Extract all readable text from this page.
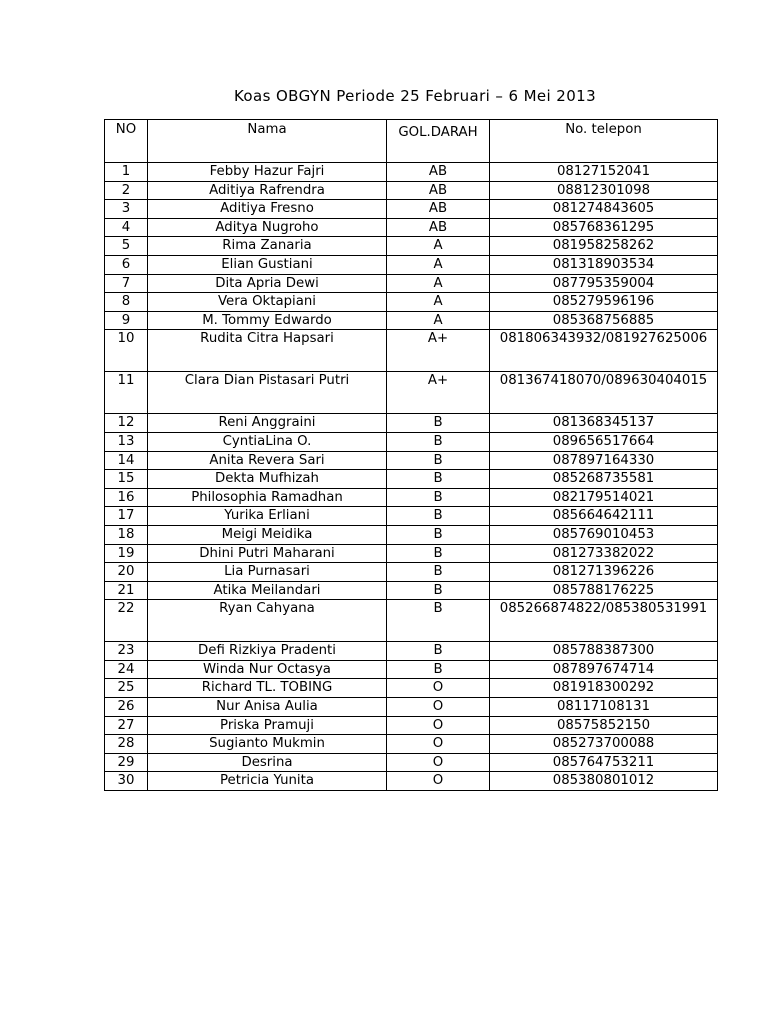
Koas OBGYN Periode 25 Februari – 6 Mei 2013
NO	Nama	GOL.DARAH	No. telepon
1	Febby Hazur Fajri	AB	08127152041
2	Aditiya Rafrendra	AB	08812301098
3	Aditiya Fresno	AB	081274843605
4	Aditya Nugroho	AB	085768361295
5	Rima Zanaria	A	081958258262
6	Elian Gustiani	A	081318903534
7	Dita Apria Dewi	A	087795359004
8	Vera Oktapiani	A	085279596196
9	M. Tommy Edwardo	A	085368756885
10	Rudita Citra Hapsari	A+	081806343932/081927625006

11	Clara Dian Pistasari Putri	A+	081367418070/089630404015

12	Reni Anggraini	B	081368345137
13	CyntiaLina O.	B	089656517664
14	Anita Revera Sari	B	087897164330
15	Dekta Mufhizah	B	085268735581
16	Philosophia Ramadhan	B	082179514021
17	Yurika Erliani	B	085664642111
18	Meigi Meidika	B	085769010453
19	Dhini Putri Maharani	B	081273382022
20	Lia Purnasari	B	081271396226
21	Atika Meilandari	B	085788176225
22	Ryan Cahyana	B	085266874822/085380531991

23	Defi Rizkiya Pradenti	B	085788387300
24	Winda Nur Octasya	B	087897674714
25	Richard TL. TOBING	O	081918300292
26	Nur Anisa Aulia	O	08117108131
27	Priska Pramuji	O	08575852150
28	Sugianto Mukmin	O	085273700088
29	Desrina	O	085764753211
30	Petricia Yunita	O	085380801012
